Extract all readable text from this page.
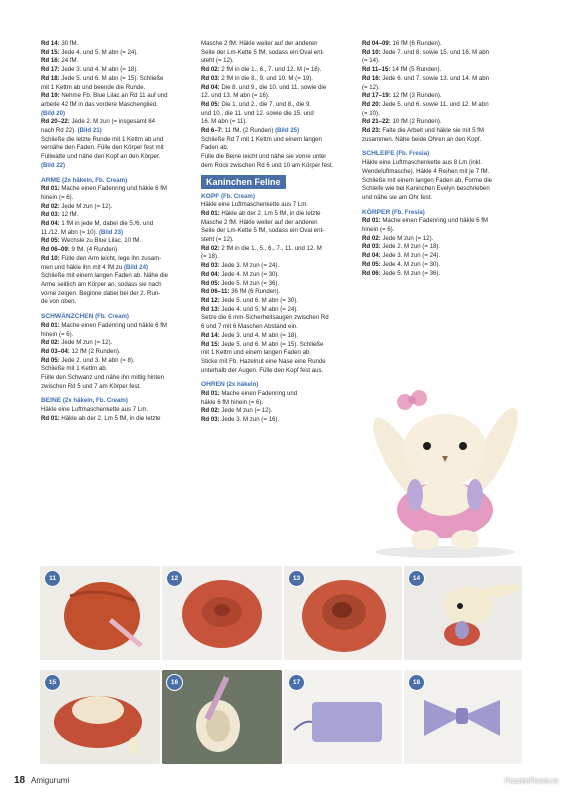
Rd 14: 30 fM.

Rd 15: Jede 4. und 5. M abn (= 24).

Rd 16: 24 fM.

Rd 17: Jede 3. und 4. M abn (= 18).

Rd 18: Jede 5. und 6. M abn (= 15). Schließe

mit 1 Kettm ab und beende die Runde.

Rd 19: Nehme Fb. Blue Lilac an Rd 11 auf und

arbeite 42 fM in das vordere Maschenglied.

(Bild 20)

Rd 20–22: Jede 2. M zun (= insgesamt 84

nach Rd 22). (Bild 21)

Schließe die letzte Runde mit 1 Kettm ab und

vernähe den Faden. Fülle den Körper fest mit

Füllwatte und nähe den Kopf an den Körper.

(Bild 22)

ARME (2x häkeln, Fb. Cream)

Rd 01: Mache einen Fadenring und häkle 6 fM

hinein (= 6).

Rd 02: Jede M zun (= 12).

Rd 03: 12 fM.

Rd 04: 1 fM in jede M, dabei die 5./6. und

11./12. M abn (= 10). (Bild 23)

Rd 05: Wechsle zu Blue Lilac, 10 fM.

Rd 06–09: 9 fM. (4 Runden)

Rd 10: Fülle den Arm leicht, lege ihn zusam-

men und häkle ihn mit 4 fM zu (Bild 24)

Schließe mit einem langen Faden ab. Nähe die

Arme seitlich am Körper an, sodass sie nach

vorne zeigen. Beginne dabei bei der 2. Run-

de von oben.

SCHWÄNZCHEN (Fb. Cream)

Rd 01: Mache einen Fadenring und häkle 6 fM

hinein (= 6).

Rd 02: Jede M zun (= 12).

Rd 03–04: 12 fM (2 Runden).

Rd 05: Jede 2. und 3. M abn (= 8).

Schließe mit 1 Kettm ab.

Fülle den Schwanz und nähe ihn mittig hinten

zwischen Rd 5 und 7 am Körper fest.

BEINE (2x häkeln, Fb. Cream)

Häkle eine Luftmaschenkette aus 7 Lm.

Rd 01: Häkle ab der 2. Lm 5 fM, in die letzte

Masche 2 fM. Häkle weiter auf der anderen

Seite der Lm-Kette 5 fM, sodass ein Oval ent-

steht (= 12).

Rd 02: 2 fM in die 1., 6., 7. und 12. M (= 16).

Rd 03: 2 fM in die 8., 9. und 10. M (= 19).

Rd 04: Die 8. und 9., die 10. und 11. sowie die

12. und 13. M abn (= 16).

Rd 05: Die 1. und 2., die 7. und 8., die 9.

und 10., die 11. und 12. sowie die 15. und

16. M abn (= 11).

Rd 6–7: 11 fM. (2 Runden) (Bild 25)

Schließe Rd 7 mit 1 Kettm und einem langen

Faden ab.

Fülle die Beine leicht und nähe sie vorne unter

dem Rock zwischen Rd 6 und 10 am Körper fest.

Kaninchen Feline

KOPF (Fb. Cream)

Häkle eine Luftmaschenkette aus 7 Lm.

Rd 01: Häkle ab der 2. Lm 5 fM, in die letzte

Masche 2 fM. Häkle weiter auf der anderen

Seite der Lm-Kette 5 fM, sodass ein Oval ent-

steht (= 12).

Rd 02: 2 fM in die 1., 5., 6., 7., 11. und 12. M

(= 18).

Rd 03: Jede 3. M zun (= 24).

Rd 04: Jede 4. M zun (= 30).

Rd 05: Jede 5. M zun (= 36).

Rd 06–11: 36 fM (6 Runden).

Rd 12: Jede 5. und 6. M abn (= 30).

Rd 13: Jede 4. und 5. M abn (= 24).

Setze die 6 mm-Sicherheitsaugen zwischen Rd

6 und 7 mit 6 Maschen Abstand ein.

Rd 14: Jede 3. und 4. M abn (= 18).

Rd 15: Jede 5. und 6. M abn (= 15). Schließe

mit 1 Kettm und einem langen Faden ab.

Sticke mit Fb. Hazelnut eine Nase eine Runde

unterhalb der Augen. Fülle den Kopf fest aus.

OHREN (2x häkeln)

Rd 01: Mache einen Fadenring und

häkle 6 fM hinein (= 6).

Rd 02: Jede M zun (= 12).

Rd 03: Jede 3. M zun (= 16).

Rd 04–09: 16 fM (6 Runden).

Rd 10: Jede 7. und 8. sowie 15. und 16. M abn

(= 14).

Rd 11–15: 14 fM (5 Runden).

Rd 16: Jede 6. und 7. sowie 13. und 14. M abn

(= 12).

Rd 17–19: 12 fM (3 Runden).

Rd 20: Jede 5. und 6. sowie 11. und 12. M abn

(= 10).

Rd 21–22: 10 fM (2 Runden).

Rd 23: Falte die Arbeit und häkle sie mit 5 fM

zusammen. Nähe beide Ohren an den Kopf.

SCHLEIFE (Fb. Fresia)

Häkle eine Luftmaschenkette aus 8 Lm (inkl.

Wendeluftmasche). Häkle 4 Reihen mit je 7 fM.

Schließe mit einem langen Faden ab. Forme die

Schleife wie bei Kaninchen Evelyn beschrieben

und nähe sie am Ohr fest.

KÖRPER (Fb. Fresia)

Rd 01: Mache einen Fadenring und häkle 6 fM

hinein (= 6).

Rd 02: Jede M zun (= 12).

Rd 03: Jede 2. M zun (= 18).

Rd 04: Jede 3. M zun (= 24).

Rd 05: Jede 4. M zun (= 30).

Rd 06: Jede 5. M zun (= 36).

11	12	13	14
15	16	17	18
18 Amigurumi	PassionForum.ru
